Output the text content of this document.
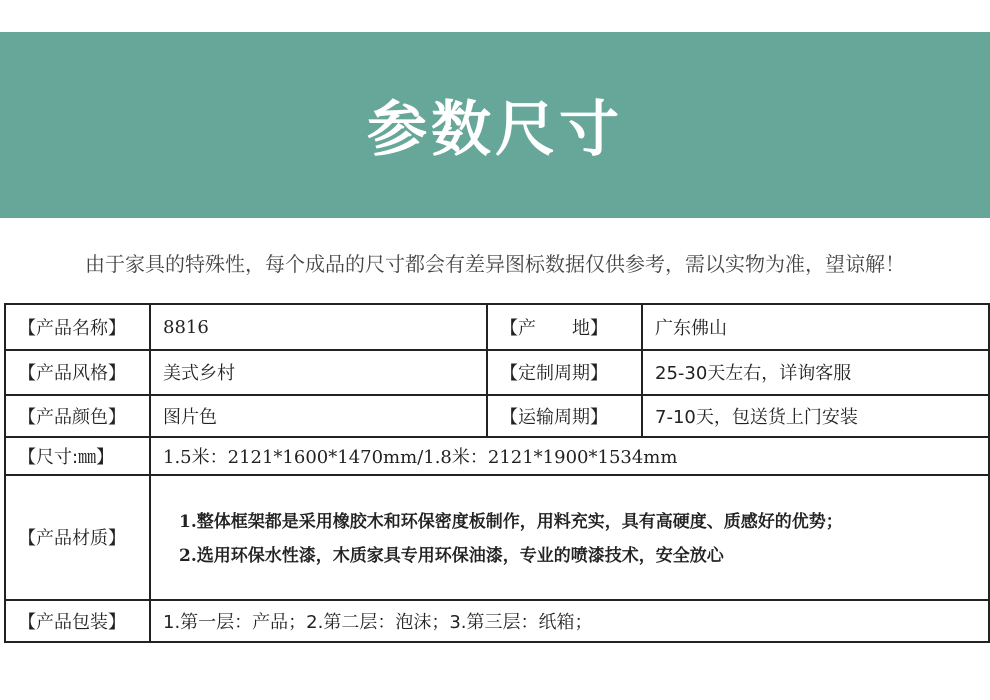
参数尺寸
由于家具的特殊性，每个成品的尺寸都会有差异图标数据仅供参考，需以实物为准，望谅解！
【产品名称】	8816	【产　　地】	广东佛山
【产品风格】	美式乡村	【定制周期】	25-30天左右，详询客服
【产品颜色】	图片色	【运输周期】	7-10天，包送货上门安装
【尺寸:㎜】	1.5米：2121*1600*1470mm/1.8米：2121*1900*1534mm		
【产品材质】	1.整体框架都是采用橡胶木和环保密度板制作，用料充实，具有高硬度、质感好的优势；
2.选用环保水性漆，木质家具专用环保油漆，专业的喷漆技术，安全放心		

【产品包装】	1.第一层：产品；2.第二层：泡沫；3.第三层：纸箱；		
